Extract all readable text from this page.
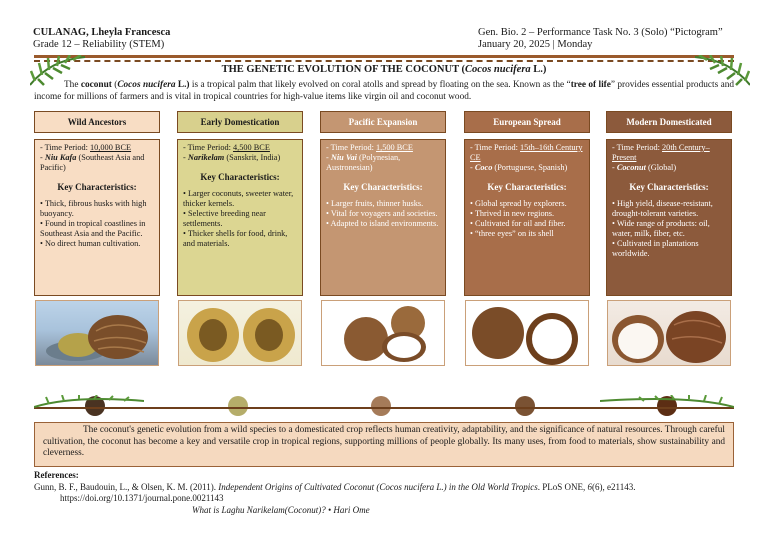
CULANAG, Lheyla Francesca
Grade 12 – Reliability (STEM)
Gen. Bio. 2 – Performance Task No. 3 (Solo) “Pictogram”
January 20, 2025 | Monday
THE GENETIC EVOLUTION OF THE COCONUT (Cocos nucifera L.)
The coconut (Cocos nucifera L.) is a tropical palm that likely evolved on coral atolls and spread by floating on the sea. Known as the “tree of life” provides essential products and income for millions of farmers and is vital in tropical countries for high-value items like virgin oil and coconut wood.
Wild Ancestors
- Time Period: 10,000 BCE
- Niu Kafa (Southeast Asia and Pacific)
Key Characteristics:
• Thick, fibrous husks with high buoyancy.
• Found in tropical coastlines in Southeast Asia and the Pacific.
• No direct human cultivation.
Early Domestication
- Time Period: 4,500 BCE
- Narikelam (Sanskrit, India)
Key Characteristics:
• Larger coconuts, sweeter water, thicker kernels.
• Selective breeding near settlements.
• Thicker shells for food, drink, and materials.
Pacific Expansion
- Time Period: 1,500 BCE
- Niu Vai (Polynesian, Austronesian)
Key Characteristics:
• Larger fruits, thinner husks.
• Vital for voyagers and societies.
• Adapted to island environments.
European Spread
- Time Period: 15th–16th Century CE
- Coco (Portuguese, Spanish)
Key Characteristics:
• Global spread by explorers.
• Thrived in new regions.
• Cultivated for oil and fiber.
• “three eyes” on its shell
Modern Domesticated
- Time Period: 20th Century–Present
- Coconut (Global)
Key Characteristics:
• High yield, disease-resistant, drought-tolerant varieties.
• Wide range of products: oil, water, milk, fiber, etc.
• Cultivated in plantations worldwide.
The coconut's genetic evolution from a wild species to a domesticated crop reflects human creativity, adaptability, and the significance of natural resources. Through careful cultivation, the coconut has become a key and versatile crop in tropical regions, supporting millions of people globally. Its many uses, from food to materials, show sustainability and cleverness.
References:
Gunn, B. F., Baudouin, L., & Olsen, K. M. (2011). Independent Origins of Cultivated Coconut (Cocos nucifera L.) in the Old World Tropics. PLoS ONE, 6(6), e21143. https://doi.org/10.1371/journal.pone.0021143
What is Laghu Narikelam(Coconut)? • Hari Ome
